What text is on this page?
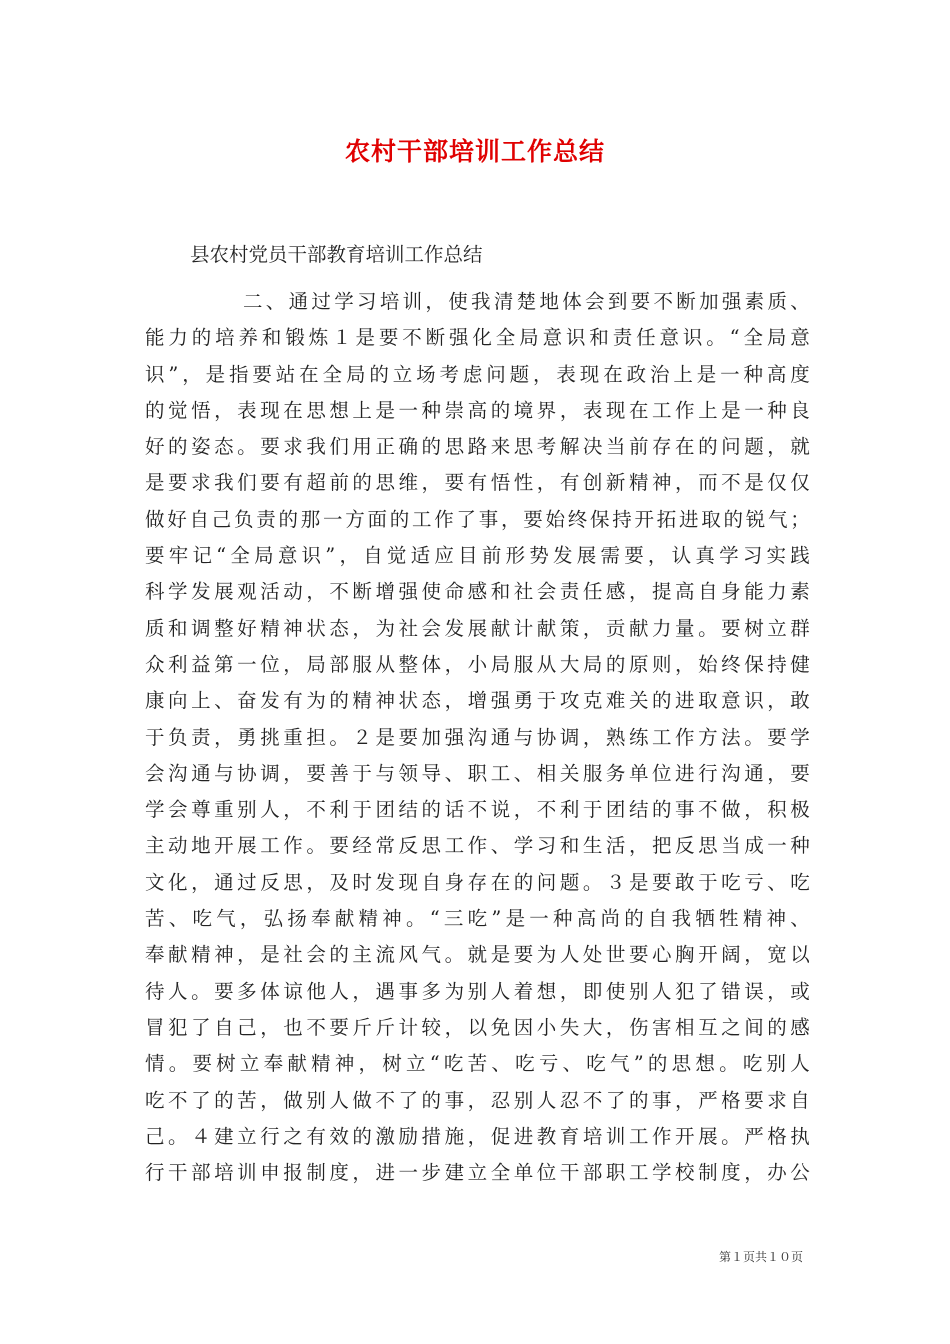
农村干部培训工作总结
县农村党员干部教育培训工作总结
二、通过学习培训，使我清楚地体会到要不断加强素质、
能力的培养和锻炼１是要不断强化全局意识和责任意识。“全局意
识”，是指要站在全局的立场考虑问题，表现在政治上是一种高度
的觉悟，表现在思想上是一种崇高的境界，表现在工作上是一种良
好的姿态。要求我们用正确的思路来思考解决当前存在的问题，就
是要求我们要有超前的思维，要有悟性，有创新精神，而不是仅仅
做好自己负责的那一方面的工作了事，要始终保持开拓进取的锐气；
要牢记“全局意识”，自觉适应目前形势发展需要，认真学习实践
科学发展观活动，不断增强使命感和社会责任感，提高自身能力素
质和调整好精神状态，为社会发展献计献策，贡献力量。要树立群
众利益第一位，局部服从整体，小局服从大局的原则，始终保持健
康向上、奋发有为的精神状态，增强勇于攻克难关的进取意识，敢
于负责，勇挑重担。２是要加强沟通与协调，熟练工作方法。要学
会沟通与协调，要善于与领导、职工、相关服务单位进行沟通，要
学会尊重别人，不利于团结的话不说，不利于团结的事不做，积极
主动地开展工作。要经常反思工作、学习和生活，把反思当成一种
文化，通过反思，及时发现自身存在的问题。３是要敢于吃亏、吃
苦、吃气，弘扬奉献精神。“三吃”是一种高尚的自我牺牲精神、
奉献精神，是社会的主流风气。就是要为人处世要心胸开阔，宽以
待人。要多体谅他人，遇事多为别人着想，即使别人犯了错误，或
冒犯了自己，也不要斤斤计较，以免因小失大，伤害相互之间的感
情。要树立奉献精神，树立“吃苦、吃亏、吃气”的思想。吃别人
吃不了的苦，做别人做不了的事，忍别人忍不了的事，严格要求自
己。４建立行之有效的激励措施，促进教育培训工作开展。严格执
行干部培训申报制度，进一步建立全单位干部职工学校制度，办公
第１页共１０页
